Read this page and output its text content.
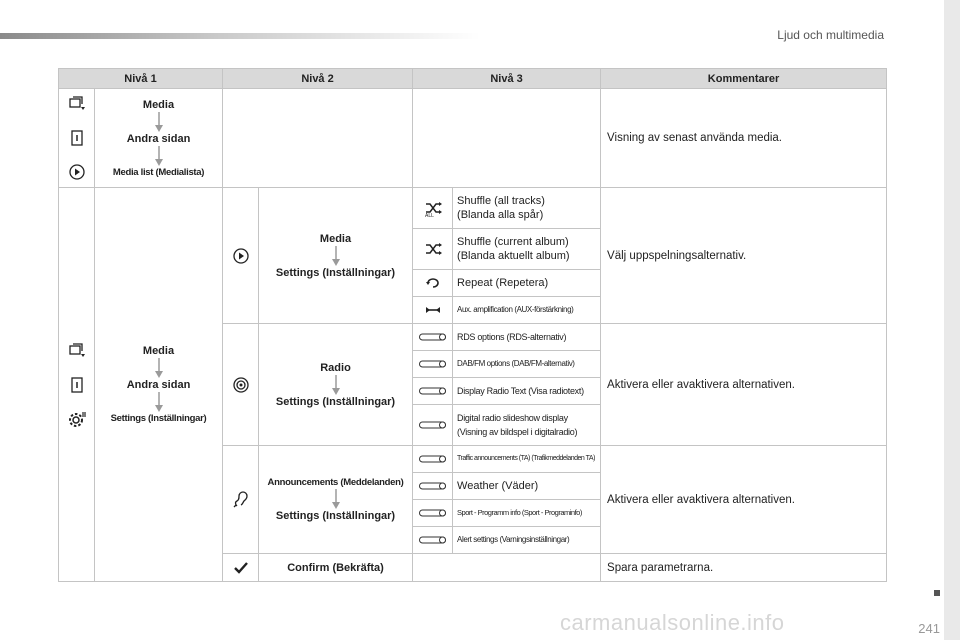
Ljud och multimedia
241
carmanualsonline.info
Nivå 1		Nivå 2		Nivå 3		Kommentarer

Media
Andra sidan
Media list (Medialista)					Visning av senast använda media.

Media
Andra sidan
Settings (Inställningar)		Media
Settings (Inställningar)	ALL	Shuffle (all tracks)
(Blanda alla spår)	Välj uppspelningsalternativ.

	Shuffle (current album)
(Blanda aktuellt album)	

	Repeat (Repetera)	

	Aux. amplification (AUX-förstärkning)	

Radio
Settings (Inställningar)		RDS options (RDS-alternativ)	Aktivera eller avaktivera alternativen.

	DAB/FM options (DAB/FM-alternativ)	

	Display Radio Text (Visa radiotext)	

	Digital radio slideshow display
(Visning av bildspel i digitalradio)	

Announcements (Meddelanden)
Settings (Inställningar)		Traffic announcements (TA) (Trafikmeddelanden TA)	Aktivera eller avaktivera alternativen.

	Weather (Väder)	

	Sport - Programm info (Sport - Programinfo)	

	Alert settings (Varningsinställningar)	

	Confirm (Bekräfta)			Spara parametrarna.
